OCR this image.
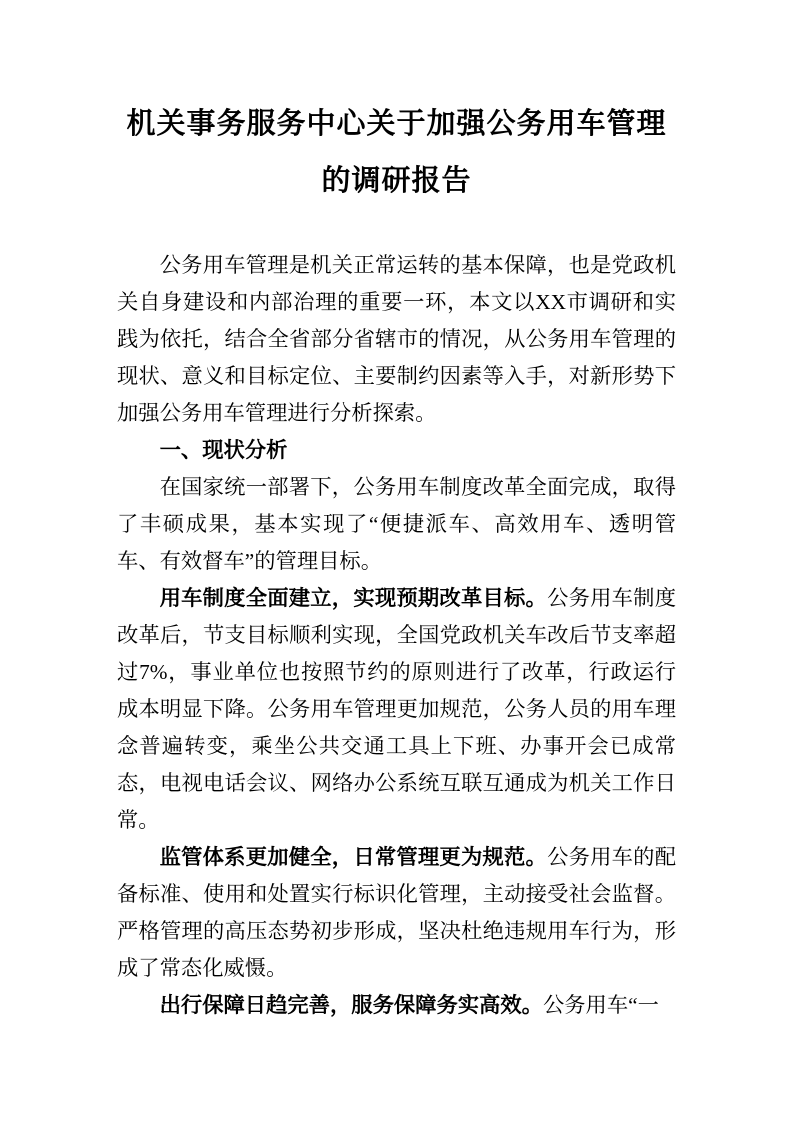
机关事务服务中心关于加强公务用车管理
的调研报告

公务用车管理是机关正常运转的基本保障，也是党政机关自身建设和内部治理的重要一环，本文以XX市调研和实践为依托，结合全省部分省辖市的情况，从公务用车管理的现状、意义和目标定位、主要制约因素等入手，对新形势下加强公务用车管理进行分析探索。

一、现状分析

在国家统一部署下，公务用车制度改革全面完成，取得了丰硕成果，基本实现了“便捷派车、高效用车、透明管车、有效督车”的管理目标。

用车制度全面建立，实现预期改革目标。公务用车制度改革后，节支目标顺利实现，全国党政机关车改后节支率超过7%，事业单位也按照节约的原则进行了改革，行政运行成本明显下降。公务用车管理更加规范，公务人员的用车理念普遍转变，乘坐公共交通工具上下班、办事开会已成常态，电视电话会议、网络办公系统互联互通成为机关工作日常。

监管体系更加健全，日常管理更为规范。公务用车的配备标准、使用和处置实行标识化管理，主动接受社会监督。严格管理的高压态势初步形成，坚决杜绝违规用车行为，形成了常态化威慑。

出行保障日趋完善，服务保障务实高效。公务用车“一
